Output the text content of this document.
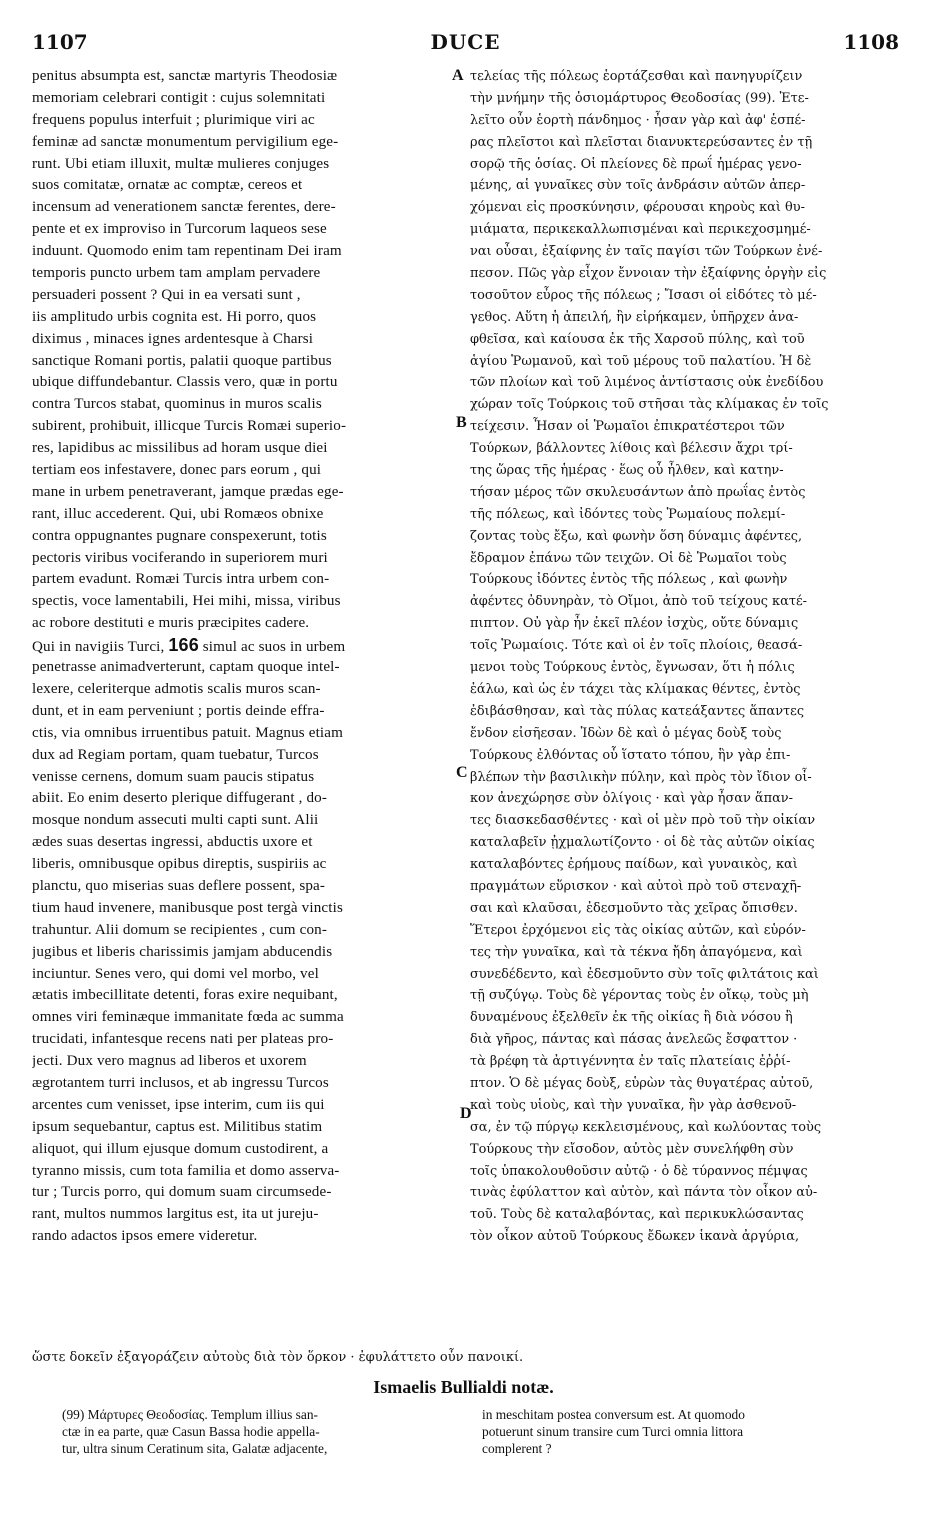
1107	DUCE	1108
penitus absumpta est, sanctæ martyris Theodosiæ
memoriam celebrari contigit : cujus solemnitati
frequens populus interfuit ; plurimique viri ac
feminæ ad sanctæ monumentum pervigilium ege-
runt. Ubi etiam illuxit, multæ mulieres conjuges
suos comitatæ, ornatæ ac comptæ, cereos et
incensum ad venerationem sanctæ ferentes, dere-
pente et ex improviso in Turcorum laqueos sese
induunt. Quomodo enim tam repentinam Dei iram
temporis puncto urbem tam amplam pervadere
persuaderi possent ? Qui in ea versati sunt ,
iis amplitudo urbis cognita est. Hi porro, quos
diximus , minaces ignes ardentesque à Charsi
sanctique Romani portis, palatii quoque partibus
ubique diffundebantur. Classis vero, quæ in portu
contra Turcos stabat, quominus in muros scalis
subirent, prohibuit, illicque Turcis Romæi superio-
res, lapidibus ac missilibus ad horam usque diei
tertiam eos infestavere, donec pars eorum , qui
mane in urbem penetraverant, jamque prædas ege-
rant, illuc accederent. Qui, ubi Romæos obnixe
contra oppugnantes pugnare conspexerunt, totis
pectoris viribus vociferando in superiorem muri
partem evadunt. Romæi Turcis intra urbem con-
spectis, voce lamentabili, Hei mihi, missa, viribus
ac robore destituti e muris præcipites cadere.
Qui in navigiis Turci, 166 simul ac suos in urbem
penetrasse animadverterunt, captam quoque intel-
lexere, celeriterque admotis scalis muros scan-
dunt, et in eam perveniunt ; portis deinde effra-
ctis, via omnibus irruentibus patuit. Magnus etiam
dux ad Regiam portam, quam tuebatur, Turcos
venisse cernens, domum suam paucis stipatus
abiit. Eo enim deserto plerique diffugerant , do-
mosque nondum assecuti multi capti sunt. Alii
ædes suas desertas ingressi, abductis uxore et
liberis, omnibusque opibus direptis, suspiriis ac
planctu, quo miserias suas deflere possent, spa-
tium haud invenere, manibusque post tergà vinctis
trahuntur. Alii domum se recipientes , cum con-
jugibus et liberis charissimis jamjam abducendis
inciuntur. Senes vero, qui domi vel morbo, vel
ætatis imbecillitate detenti, foras exire nequibant,
omnes viri feminæque immanitate fœda ac summa
trucidati, infantesque recens nati per plateas pro-
jecti. Dux vero magnus ad liberos et uxorem
ægrotantem turri inclusos, et ab ingressu Turcos
arcentes cum venisset, ipse interim, cum iis qui
ipsum sequebantur, captus est. Militibus statim
aliquot, qui illum ejusque domum custodirent, a
tyranno missis, cum tota familia et domo asserva-
tur ; Turcis porro, qui domum suam circumsede-
rant, multos nummos largitus est, ita ut jureju-
rando adactos ipsos emere videretur.
τελείας τῆς πόλεως ἑορτάζεσθαι καὶ πανηγυρίζειν
τὴν μνήμην τῆς ὁσιομάρτυρος Θεοδοσίας (99). Ἐτε-
λεῖτο οὖν ἑορτὴ πάνδημος · ἦσαν γὰρ καὶ ἀφ' ἑσπέ-
ρας πλεῖστοι καὶ πλεῖσται διανυκτερεύσαντες ἐν τῇ
σορῷ τῆς ὁσίας. Οἱ πλείονες δὲ πρωΐ ἡμέρας γενο-
μένης, αἱ γυναῖκες σὺν τοῖς ἀνδράσιν αὐτῶν ἀπερ-
χόμεναι εἰς προσκύνησιν, φέρουσαι κηροὺς καὶ θυ-
μιάματα, περικεκαλλωπισμέναι καὶ περικεχοσμημέ-
ναι οὖσαι, ἐξαίφνης ἐν ταῖς παγίσι τῶν Τούρκων ἐνέ-
πεσον. Πῶς γὰρ εἶχον ἔννοιαν τὴν ἐξαίφνης ὀργὴν εἰς
τοσοῦτον εὖρος τῆς πόλεως ; Ἴσασι οἱ εἰδότες τὸ μέ-
γεθος. Αὕτη ἡ ἀπειλή, ἣν εἰρήκαμεν, ὑπῆρχεν ἀνα-
φθεῖσα, καὶ καίουσα ἐκ τῆς Χαρσοῦ πύλης, καὶ τοῦ
ἁγίου Ῥωμανοῦ, καὶ τοῦ μέρους τοῦ παλατίου. Ἡ δὲ
τῶν πλοίων καὶ τοῦ λιμένος ἀντίστασις οὐκ ἐνεδίδου
χώραν τοῖς Τούρκοις τοῦ στῆσαι τὰς κλίμακας ἐν τοῖς
τείχεσιν. Ἦσαν οἱ Ῥωμαῖοι ἐπικρατέστεροι τῶν
Τούρκων, βάλλοντες λίθοις καὶ βέλεσιν ἄχρι τρί-
της ὥρας τῆς ἡμέρας · ἕως οὗ ἦλθεν, καὶ κατην-
τήσαν μέρος τῶν σκυλευσάντων ἀπὸ πρωΐας ἐντὸς
τῆς πόλεως, καὶ ἰδόντες τοὺς Ῥωμαίους πολεμί-
ζοντας τοὺς ἔξω, καὶ φωνὴν ὅση δύναμις ἀφέντες,
ἔδραμον ἐπάνω τῶν τειχῶν. Οἱ δὲ Ῥωμαῖοι τοὺς
Τούρκους ἰδόντες ἐντὸς τῆς πόλεως , καὶ φωνὴν
ἀφέντες ὀδυνηρὰν, τὸ Οἴμοι, ἀπὸ τοῦ τείχους κατέ-
πιπτον. Οὐ γὰρ ἦν ἐκεῖ πλέον ἰσχὺς, οὔτε δύναμις
τοῖς Ῥωμαίοις. Τότε καὶ οἱ ἐν τοῖς πλοίοις, θεασά-
μενοι τοὺς Τούρκους ἐντὸς, ἔγνωσαν, ὅτι ἡ πόλις
ἑάλω, καὶ ὡς ἐν τάχει τὰς κλίμακας θέντες, ἐντὸς
ἐδιβάσθησαν, καὶ τὰς πύλας κατεάξαντες ἅπαντες
ἔνδον εἰσῆεσαν. Ἰδὼν δὲ καὶ ὁ μέγας δοὺξ τοὺς
Τούρκους ἐλθόντας οὗ ἵστατο τόπου, ἣν γὰρ ἐπι-
βλέπων τὴν βασιλικὴν πύλην, καὶ πρὸς τὸν ἴδιον οἶ-
κον ἀνεχώρησε σὺν ὀλίγοις · καὶ γὰρ ἦσαν ἅπαν-
τες διασκεδασθέντες · καὶ οἱ μὲν πρὸ τοῦ τὴν οἰκίαν
καταλαβεῖν ᾐχμαλωτίζοντο · οἱ δὲ τὰς αὐτῶν οἰκίας
καταλαβόντες ἐρήμους παίδων, καὶ γυναικὸς, καὶ
πραγμάτων εὕρισκον · καὶ αὐτοὶ πρὸ τοῦ στεναχῆ-
σαι καὶ κλαῦσαι, ἐδεσμοῦντο τὰς χεῖρας ὄπισθεν.
Ἕτεροι ἐρχόμενοι εἰς τὰς οἰκίας αὐτῶν, καὶ εὑρόν-
τες τὴν γυναῖκα, καὶ τὰ τέκνα ἤδη ἀπαγόμενα, καὶ
συνεδέδεντο, καὶ ἐδεσμοῦντο σὺν τοῖς φιλτάτοις καὶ
τῇ συζύγῳ. Τοὺς δὲ γέροντας τοὺς ἐν οἴκῳ, τοὺς μὴ
δυναμένους ἐξελθεῖν ἐκ τῆς οἰκίας ἢ διὰ νόσου ἢ
διὰ γῆρος, πάντας καὶ πάσας ἀνελεῶς ἔσφαττον ·
τὰ βρέφη τὰ ἀρτιγέννητα ἐν ταῖς πλατείαις ἐῤῥί-
πτον. Ὁ δὲ μέγας δοὺξ, εὑρὼν τὰς θυγατέρας αὐτοῦ,
καὶ τοὺς υἱοὺς, καὶ τὴν γυναῖκα, ἣν γὰρ ἀσθενοῦ-
σα, ἐν τῷ πύργῳ κεκλεισμένους, καὶ κωλύοντας τοὺς
Τούρκους τὴν εἴσοδον, αὐτὸς μὲν συνελήφθη σὺν
τοῖς ὑπακολουθοῦσιν αὐτῷ · ὁ δὲ τύραννος πέμψας
τινὰς ἐφύλαττον καὶ αὐτὸν, καὶ πάντα τὸν οἶκον αὐ-
τοῦ. Τοὺς δὲ καταλαβόντας, καὶ περικυκλώσαντας
τὸν οἶκον αὐτοῦ Τούρκους ἔδωκεν ἱκανὰ ἀργύρια,
A
B
C
D
ὥστε δοκεῖν ἐξαγοράζειν αὐτοὺς διὰ τὸν ὅρκον · ἐφυλάττετο οὖν πανοικί.
Ismaelis Bullialdi notæ.
(99) Μάρτυρες Θεοδοσίας. Templum illius san-
ctæ in ea parte, quæ Casun Bassa hodie appella-
tur, ultra sinum Ceratinum sita, Galatæ adjacente,
in meschitam postea conversum est. At quomodo
potuerunt sinum transire cum Turci omnia littora
complerent ?
